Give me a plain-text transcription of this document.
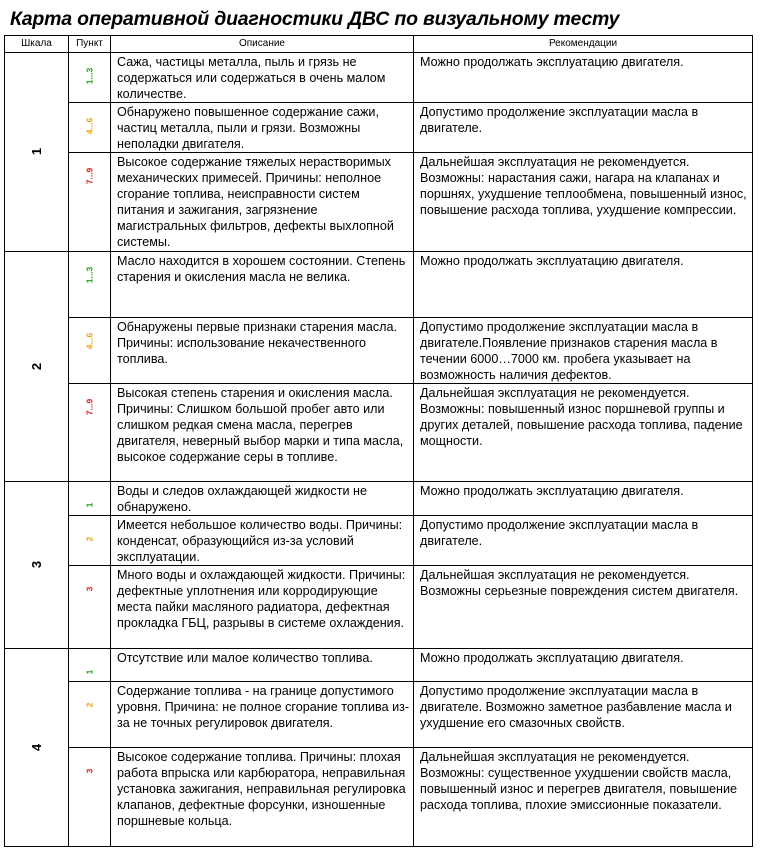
Карта оперативной диагностики ДВС по визуальному тесту
Шкала	Пункт	Описание	Рекомендации
1	1...3	Сажа, частицы металла, пыль и грязь не содержаться или содержаться в очень малом количестве.	Можно продолжать эксплуатацию двигателя.

	4...6	Обнаружено повышенное содержание сажи, частиц металла, пыли и грязи. Возможны неполадки двигателя.	Допустимо продолжение эксплуатации масла в двигателе.

	7...9	Высокое содержание тяжелых нерастворимых механических примесей. Причины: неполное сгорание топлива, неисправности систем питания и зажигания, загрязнение магистральных фильтров, дефекты выхлопной системы.	Дальнейшая эксплуатация не рекомендуется. Возможны: нарастания сажи, нагара на клапанах и поршнях, ухудшение теплообмена, повышенный износ, повышение расхода топлива, ухудшение компрессии.

2	1...3	Масло находится в хорошем состоянии. Степень старения и окисления масла не велика.	Можно продолжать эксплуатацию двигателя.

	4...6	Обнаружены первые признаки старения масла. Причины: использование некачественного топлива.	Допустимо продолжение эксплуатации масла в двигателе.Появление признаков старения масла в течении 6000…7000 км. пробега указывает на возможность наличия дефектов.

	7...9	Высокая степень старения и окисления масла. Причины: Слишком большой пробег авто или слишком редкая смена масла, перегрев двигателя, неверный выбор марки и типа масла, высокое содержание серы в топливе.	Дальнейшая эксплуатация не рекомендуется. Возможны: повышенный износ поршневой группы и других деталей, повышение расхода топлива, падение мощности.

3	1	Воды и следов охлаждающей жидкости не обнаружено.	Можно продолжать эксплуатацию двигателя.

	2	Имеется небольшое количество воды. Причины: конденсат, образующийся из-за условий эксплуатации.	Допустимо продолжение эксплуатации масла в двигателе.

	3	Много воды и охлаждающей жидкости. Причины: дефектные уплотнения или корродирующие места пайки масляного радиатора, дефектная прокладка ГБЦ, разрывы в системе охлаждения.	Дальнейшая эксплуатация не рекомендуется. Возможны серьезные повреждения систем двигателя.

4	1	Отсутствие или малое количество топлива.	Можно продолжать эксплуатацию двигателя.

	2	Содержание топлива - на границе допустимого уровня. Причина: не полное сгорание топлива из-за не точных регулировок двигателя.	Допустимо продолжение эксплуатации масла в двигателе. Возможно заметное разбавление масла и ухудшение его смазочных свойств.

	3	Высокое содержание топлива. Причины: плохая работа впрыска или карбюратора, неправильная установка зажигания, неправильная регулировка клапанов, дефектные форсунки, изношенные поршневые кольца.	Дальнейшая эксплуатация не рекомендуется. Возможны: существенное ухудшении свойств масла, повышенный износ и перегрев двигателя, повышение расхода топлива, плохие эмиссионные показатели.
